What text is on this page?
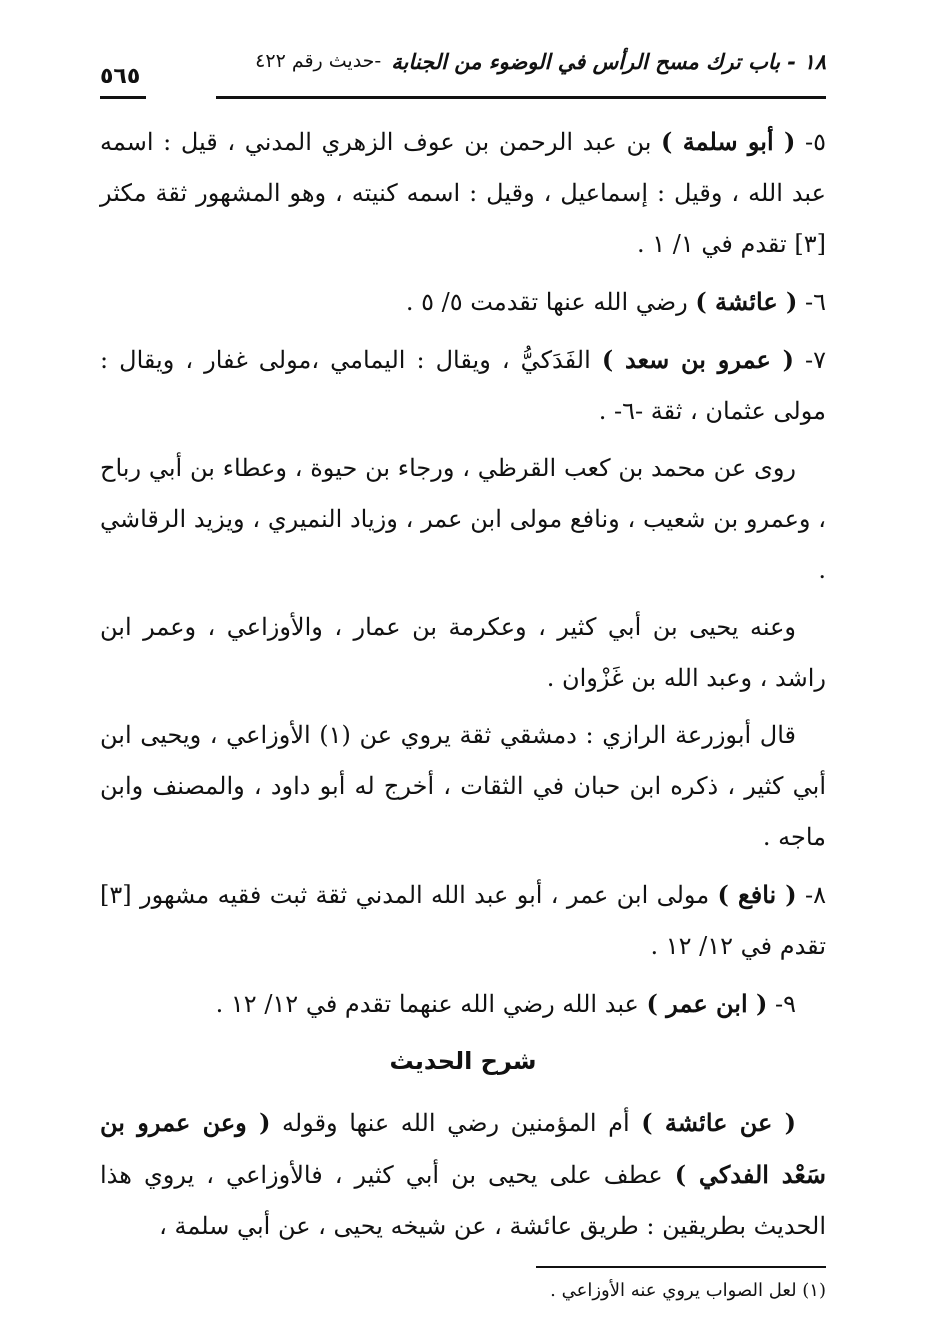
١٨ - باب ترك مسح الرأس في الوضوء من الجنابة
-حديث رقم ٤٢٢
٥٦٥

٥- ( أبو سلمة ) بن عبد الرحمن بن عوف الزهري المدني ، قيل : اسمه عبد الله ، وقيل : إسماعيل ، وقيل : اسمه كنيته ، وهو المشهور ثقة مكثر [٣] تقدم في ١/ ١ .

٦- ( عائشة ) رضي الله عنها تقدمت ٥/ ٥ .

٧- ( عمرو بن سعد ) الفَدَكيُّ ، ويقال : اليمامي ،مولى غفار ، ويقال : مولى عثمان ، ثقة -٦- .

روى عن محمد بن كعب القرظي ، ورجاء بن حيوة ، وعطاء بن أبي رباح ، وعمرو بن شعيب ، ونافع مولى ابن عمر ، وزياد النميري ، ويزيد الرقاشي .

وعنه يحيى بن أبي كثير ، وعكرمة بن عمار ، والأوزاعي ، وعمر ابن راشد ، وعبد الله بن غَزْوان .

قال أبوزرعة الرازي : دمشقي ثقة يروي عن (١) الأوزاعي ، ويحيى ابن أبي كثير ، ذكره ابن حبان في الثقات ، أخرج له أبو داود ، والمصنف وابن ماجه .

٨- ( نافع ) مولى ابن عمر ، أبو عبد الله المدني ثقة ثبت فقيه مشهور [٣] تقدم في ١٢/ ١٢ .

٩- ( ابن عمر ) عبد الله رضي الله عنهما تقدم في ١٢/ ١٢ .

شرح الحديث

( عن عائشة ) أم المؤمنين رضي الله عنها وقوله ( وعن عمرو بن سَعْد الفدكي ) عطف على يحيى بن أبي كثير ، فالأوزاعي ، يروي هذا الحديث بطريقين : طريق عائشة ، عن شيخه يحيى ، عن أبي سلمة ،

(١) لعل الصواب يروي عنه الأوزاعي .
